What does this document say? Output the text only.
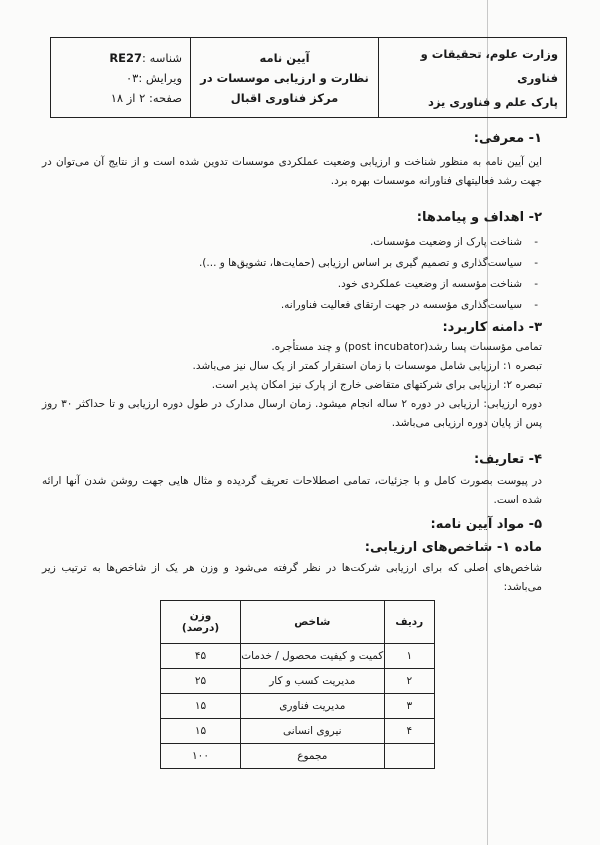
وزارت علوم، تحقیقات و فناوری
پارک علم و فناوری یزد
آیین نامه
نظارت و ارزیابی موسسات در
مرکز فناوری اقبال
شناسه :RE27
ویرایش :۰۳
صفحه: ۲ از ۱۸
۱- معرفی:

این آیین نامه به منظور شناخت و ارزیابی وضعیت عملکردی موسسات تدوین شده است و از نتایج آن می‌توان در جهت رشد فعالیتهای فناورانه موسسات بهره برد.

۲- اهداف و پیامدها:
- شناخت پارک از وضعیت مؤسسات.
- سیاست‌گذاری و تصمیم گیری بر اساس ارزیابی (حمایت‌ها، تشویق‌ها و ...).
- شناخت مؤسسه از وضعیت عملکردی خود.
- سیاست‌گذاری مؤسسه در جهت ارتقای فعالیت فناورانه.
۳- دامنه کاربرد:

تمامی مؤسسات پسا رشد(post incubator) و چند مستأجره.

تبصره ۱: ارزیابی شامل موسسات با زمان استقرار کمتر از یک سال نیز می‌باشد.

تبصره ۲: ارزیابی برای شرکتهای متقاضی خارج از پارک نیز امکان پذیر است.

دوره ارزیابی: ارزیابی در دوره ۲ ساله انجام میشود. زمان ارسال مدارک در طول دوره ارزیابی و تا حداکثر ۳۰ روز پس از پایان دوره ارزیابی می‌باشد.

۴- تعاریف:

در پیوست بصورت کامل و با جزئیات، تمامی اصطلاحات تعریف گردیده و مثال هایی جهت روشن شدن آنها ارائه شده است.

۵- مواد آیین نامه:
ماده ۱- شاخص‌های ارزیابی:

شاخص‌های اصلی که برای ارزیابی شرکت‌ها در نظر گرفته می‌شود و وزن هر یک از شاخص‌ها به ترتیب زیر می‌باشد:

ردیف	شاخص	وزن
(درصد)

۱	کمیت و کیفیت محصول / خدمات	۴۵
۲	مدیریت کسب و کار	۲۵
۳	مدیریت فناوری	۱۵
۴	نیروی انسانی	۱۵
	مجموع	۱۰۰
